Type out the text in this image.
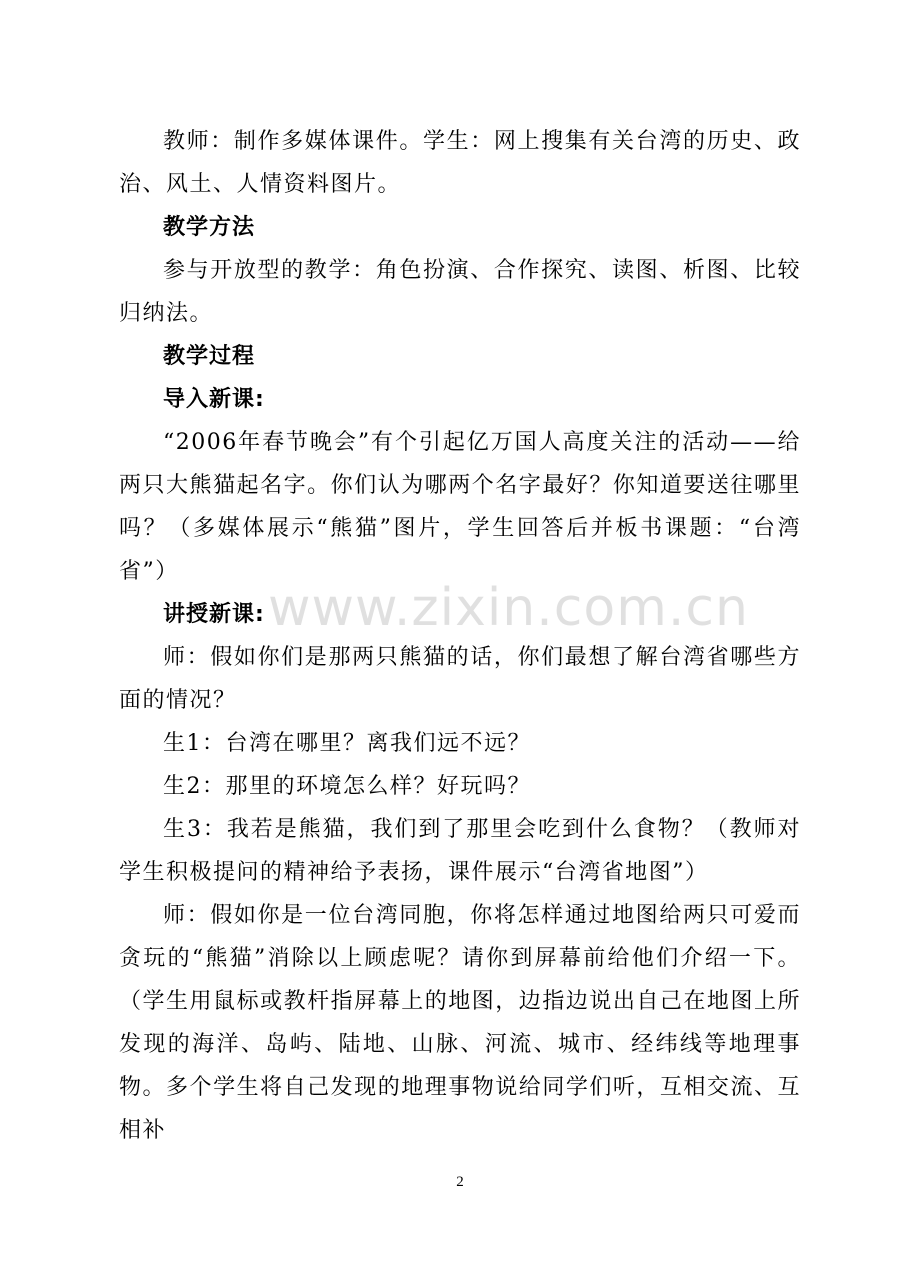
教师：制作多媒体课件。学生：网上搜集有关台湾的历史、政治、风土、人情资料图片。

教学方法

参与开放型的教学：角色扮演、合作探究、读图、析图、比较归纳法。

教学过程

导入新课:

“2006年春节晚会”有个引起亿万国人高度关注的活动——给两只大熊猫起名字。你们认为哪两个名字最好？你知道要送往哪里吗？（多媒体展示“熊猫”图片，学生回答后并板书课题：“台湾省”）

讲授新课:

师：假如你们是那两只熊猫的话，你们最想了解台湾省哪些方面的情况？

生1：台湾在哪里？离我们远不远？

生2：那里的环境怎么样？好玩吗？

生3：我若是熊猫，我们到了那里会吃到什么食物？（教师对学生积极提问的精神给予表扬，课件展示“台湾省地图”）

师：假如你是一位台湾同胞，你将怎样通过地图给两只可爱而贪玩的“熊猫”消除以上顾虑呢？请你到屏幕前给他们介绍一下。（学生用鼠标或教杆指屏幕上的地图，边指边说出自己在地图上所发现的海洋、岛屿、陆地、山脉、河流、城市、经纬线等地理事物。多个学生将自己发现的地理事物说给同学们听，互相交流、互相补

www.zixin.com.cn
2
